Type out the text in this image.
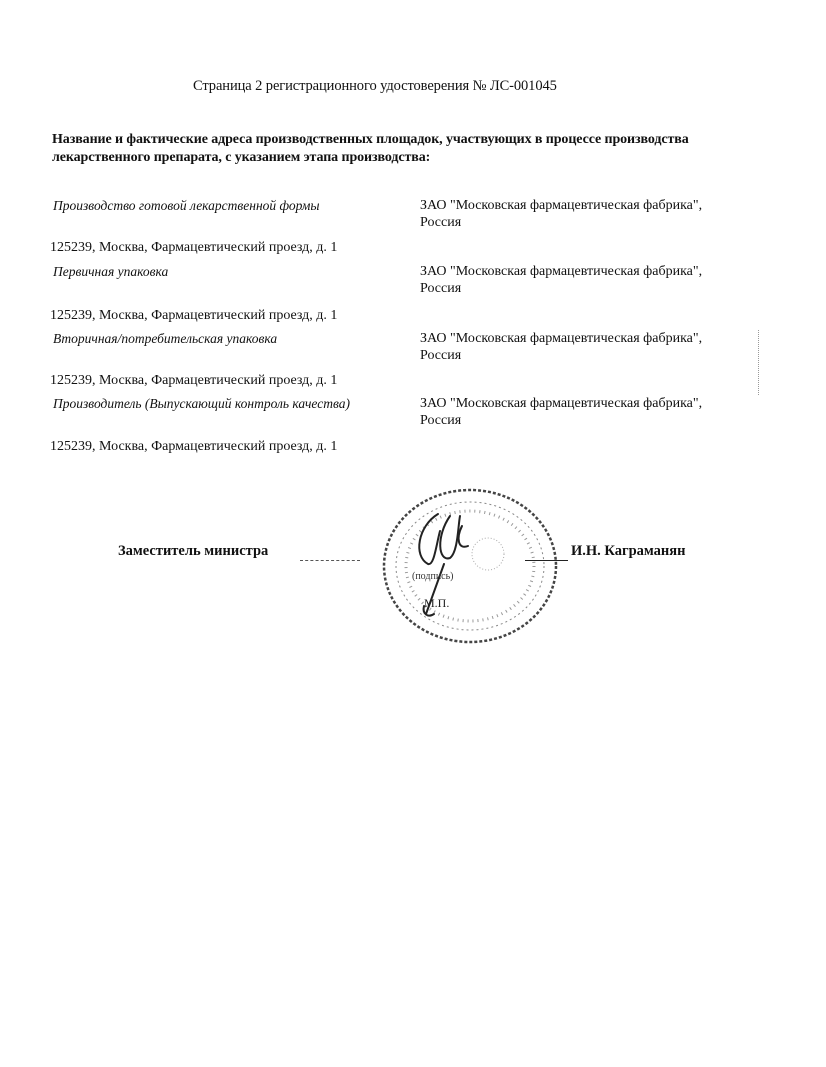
Страница 2 регистрационного удостоверения № ЛС-001045
Название и фактические адреса производственных площадок, участвующих в процессе производства лекарственного препарата, с указанием этапа производства:
Производство готовой лекарственной формы	ЗАО "Московская фармацевтическая фабрика",
Россия
125239, Москва, Фармацевтический проезд, д. 1
Первичная упаковка	ЗАО "Московская фармацевтическая фабрика",
Россия
125239, Москва, Фармацевтический проезд, д. 1
Вторичная/потребительская упаковка	ЗАО "Московская фармацевтическая фабрика",
Россия
125239, Москва, Фармацевтический проезд, д. 1
Производитель (Выпускающий контроль качества)	ЗАО "Московская фармацевтическая фабрика",
Россия
125239, Москва, Фармацевтический проезд, д. 1
Заместитель министра
(подпись)
М.П.
И.Н. Каграманян
